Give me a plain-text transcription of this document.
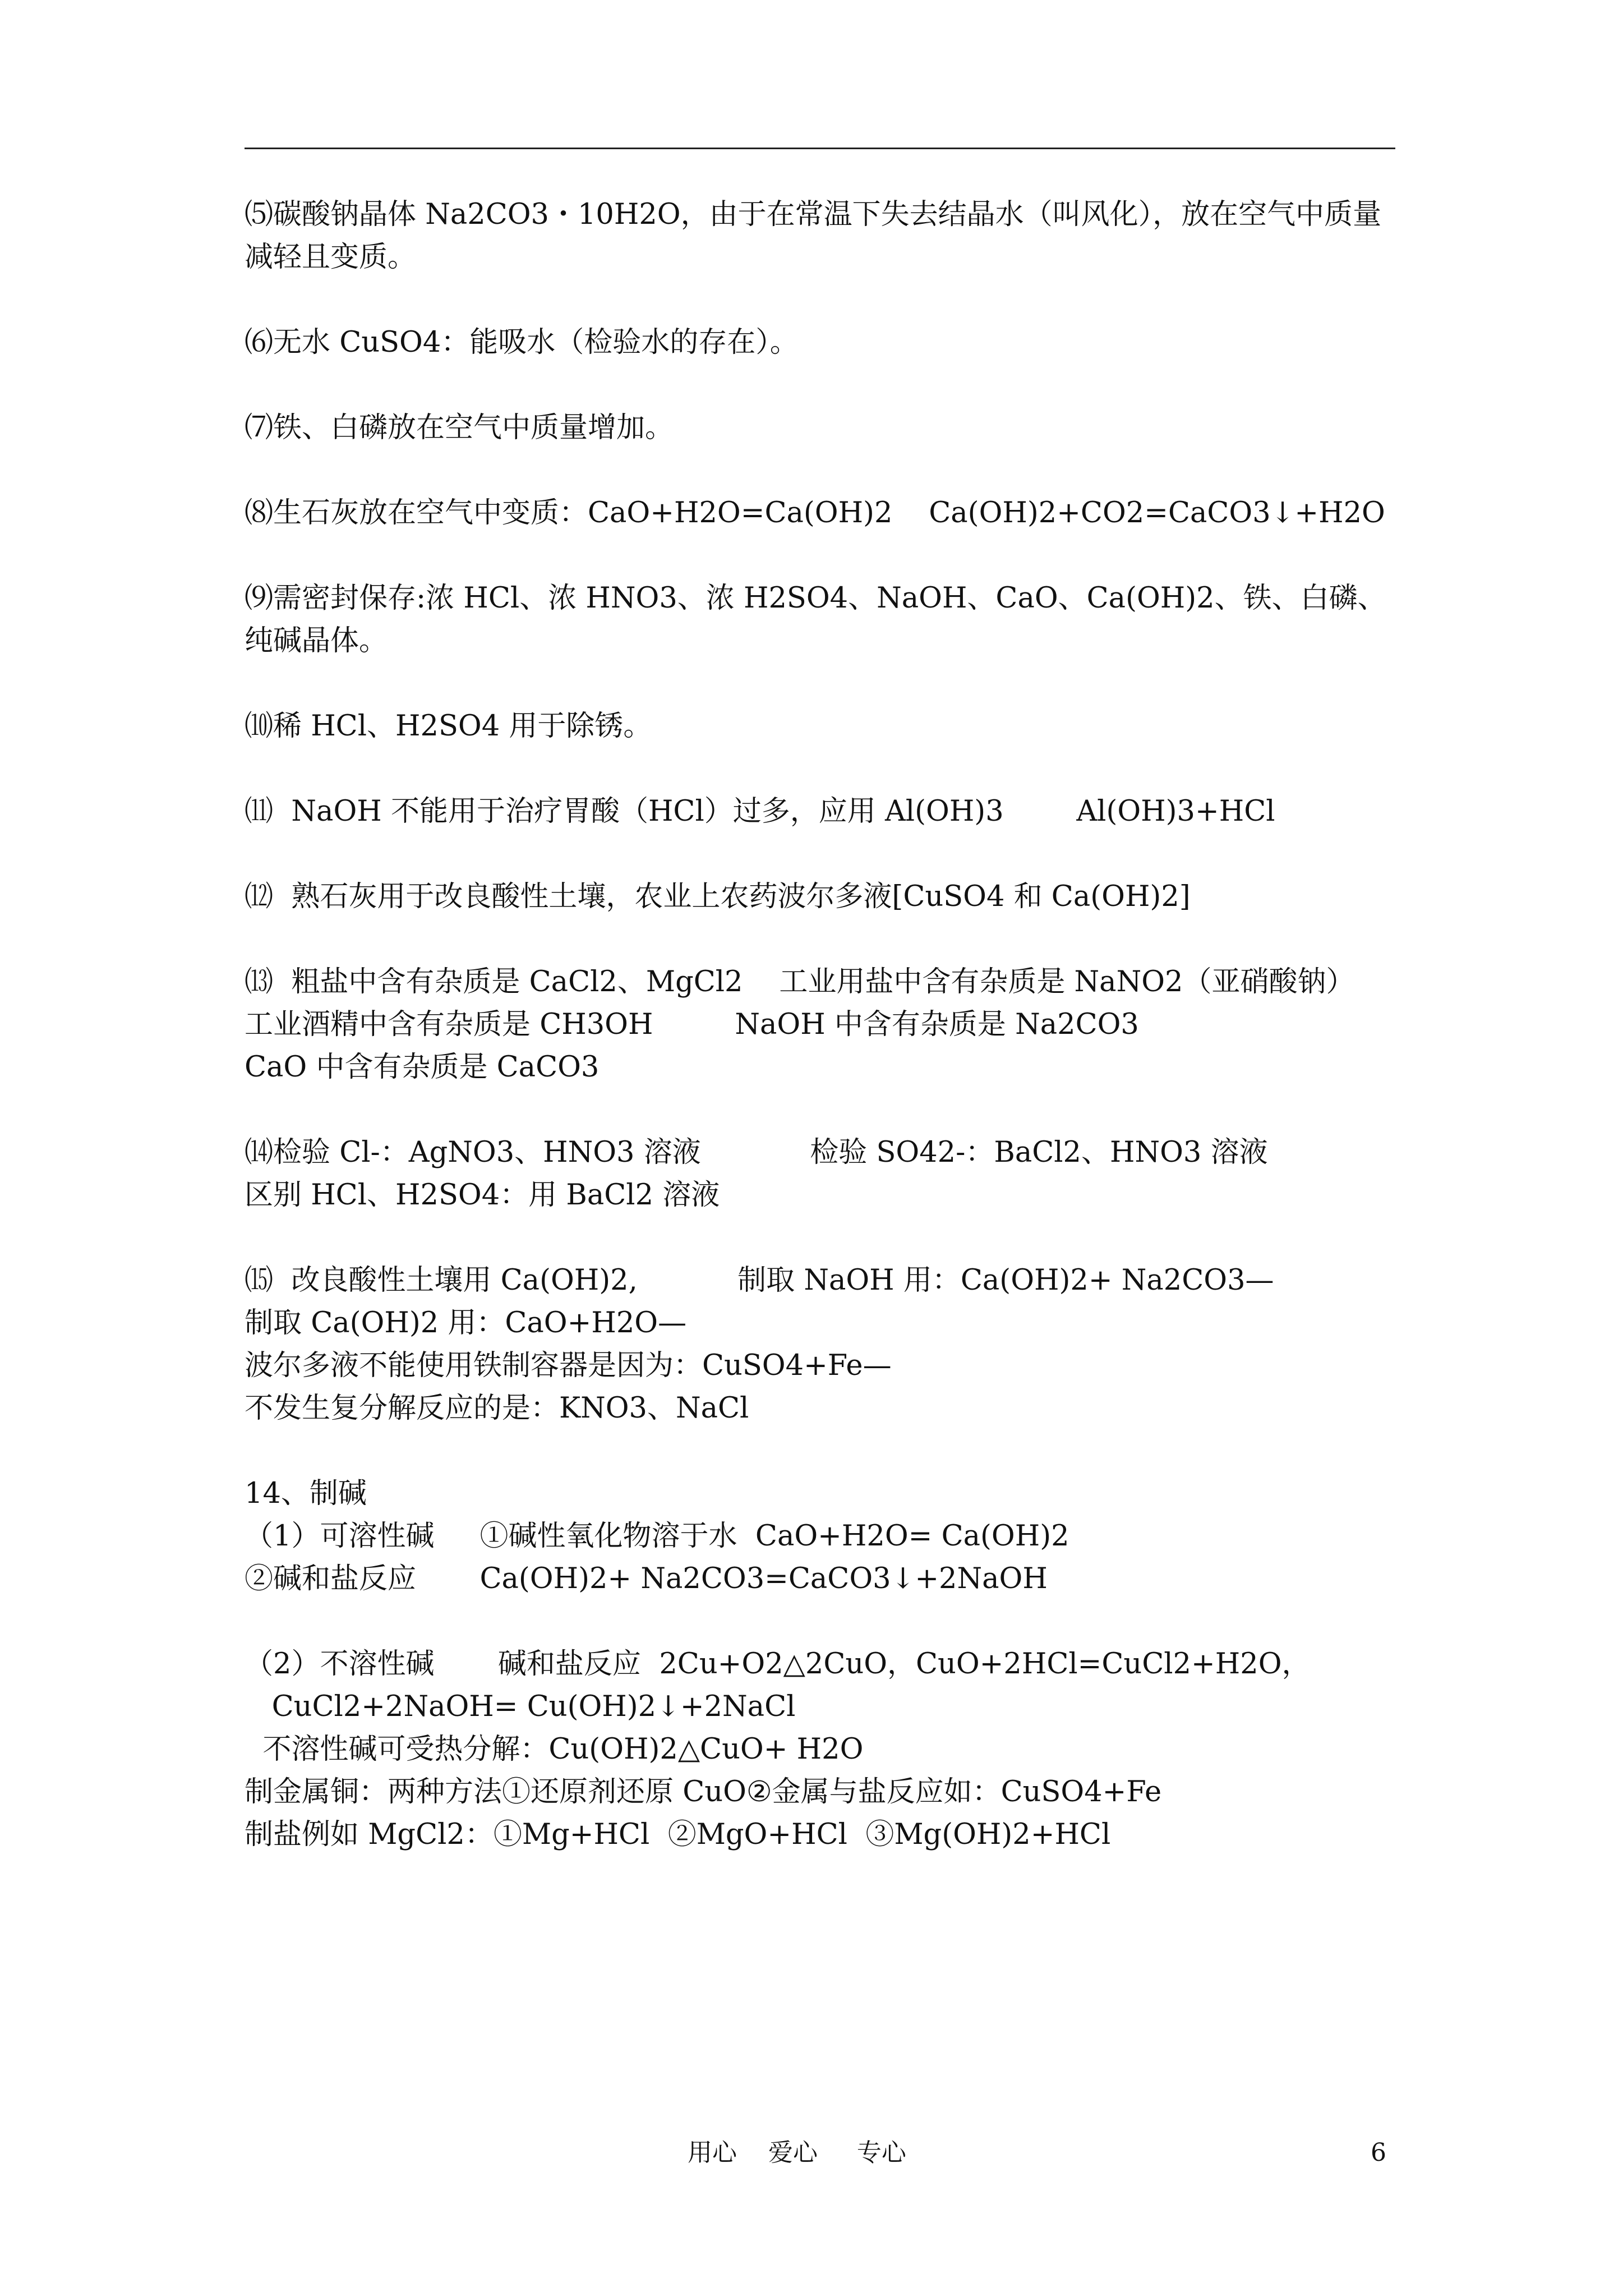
⑸碳酸钠晶体 Na2CO3・10H2O，由于在常温下失去结晶水（叫风化），放在空气中质量减轻且变质。
⑹无水 CuSO4：能吸水（检验水的存在）。
⑺铁、白磷放在空气中质量增加。
⑻生石灰放在空气中变质：CaO+H2O=Ca(OH)2    Ca(OH)2+CO2=CaCO3↓+H2O
⑼需密封保存:浓 HCl、浓 HNO3、浓 H2SO4、NaOH、CaO、Ca(OH)2、铁、白磷、纯碱晶体。
⑽稀 HCl、H2SO4 用于除锈。
⑾  NaOH 不能用于治疗胃酸（HCl）过多，应用 Al(OH)3        Al(OH)3+HCl
⑿  熟石灰用于改良酸性土壤，农业上农药波尔多液[CuSO4 和 Ca(OH)2]
⒀  粗盐中含有杂质是 CaCl2、MgCl2    工业用盐中含有杂质是 NaNO2（亚硝酸钠）
工业酒精中含有杂质是 CH3OH         NaOH 中含有杂质是 Na2CO3
CaO 中含有杂质是 CaCO3
⒁检验 Cl-：AgNO3、HNO3 溶液            检验 SO42-：BaCl2、HNO3 溶液
区别 HCl、H2SO4：用 BaCl2 溶液
⒂  改良酸性土壤用 Ca(OH)2,           制取 NaOH 用：Ca(OH)2+ Na2CO3—
制取 Ca(OH)2 用：CaO+H2O—
波尔多液不能使用铁制容器是因为：CuSO4+Fe—
不发生复分解反应的是：KNO3、NaCl
14、制碱
（1）可溶性碱     ①碱性氧化物溶于水  CaO+H2O= Ca(OH)2
②碱和盐反应       Ca(OH)2+ Na2CO3=CaCO3↓+2NaOH
（2）不溶性碱       碱和盐反应  2Cu+O2△2CuO，CuO+2HCl=CuCl2+H2O，
CuCl2+2NaOH= Cu(OH)2↓+2NaCl
不溶性碱可受热分解：Cu(OH)2△CuO+ H2O
制金属铜：两种方法①还原剂还原 CuO②金属与盐反应如：CuSO4+Fe
制盐例如 MgCl2：①Mg+HCl  ②MgO+HCl  ③Mg(OH)2+HCl
用心    爱心     专心	6
